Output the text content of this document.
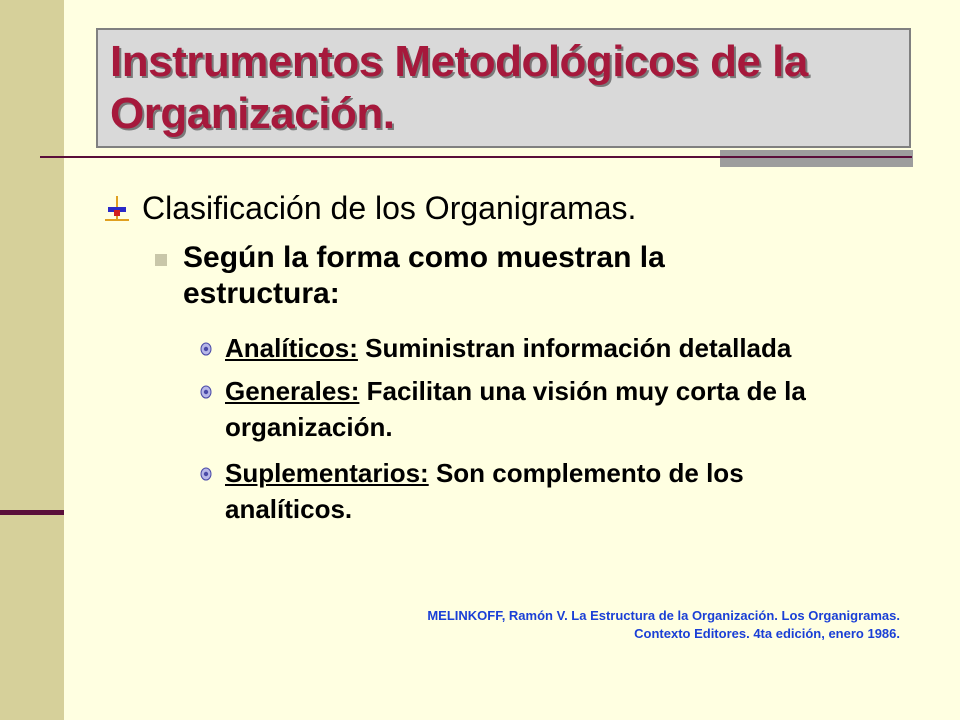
Instrumentos Metodológicos de la Organización.
Clasificación de los Organigramas.
Según la forma como muestran la estructura:
Analíticos: Suministran información detallada
Generales: Facilitan una visión muy corta de la organización.
Suplementarios: Son complemento de los analíticos.
MELINKOFF, Ramón V. La Estructura de la Organización. Los Organigramas.
Contexto Editores. 4ta edición, enero 1986.
